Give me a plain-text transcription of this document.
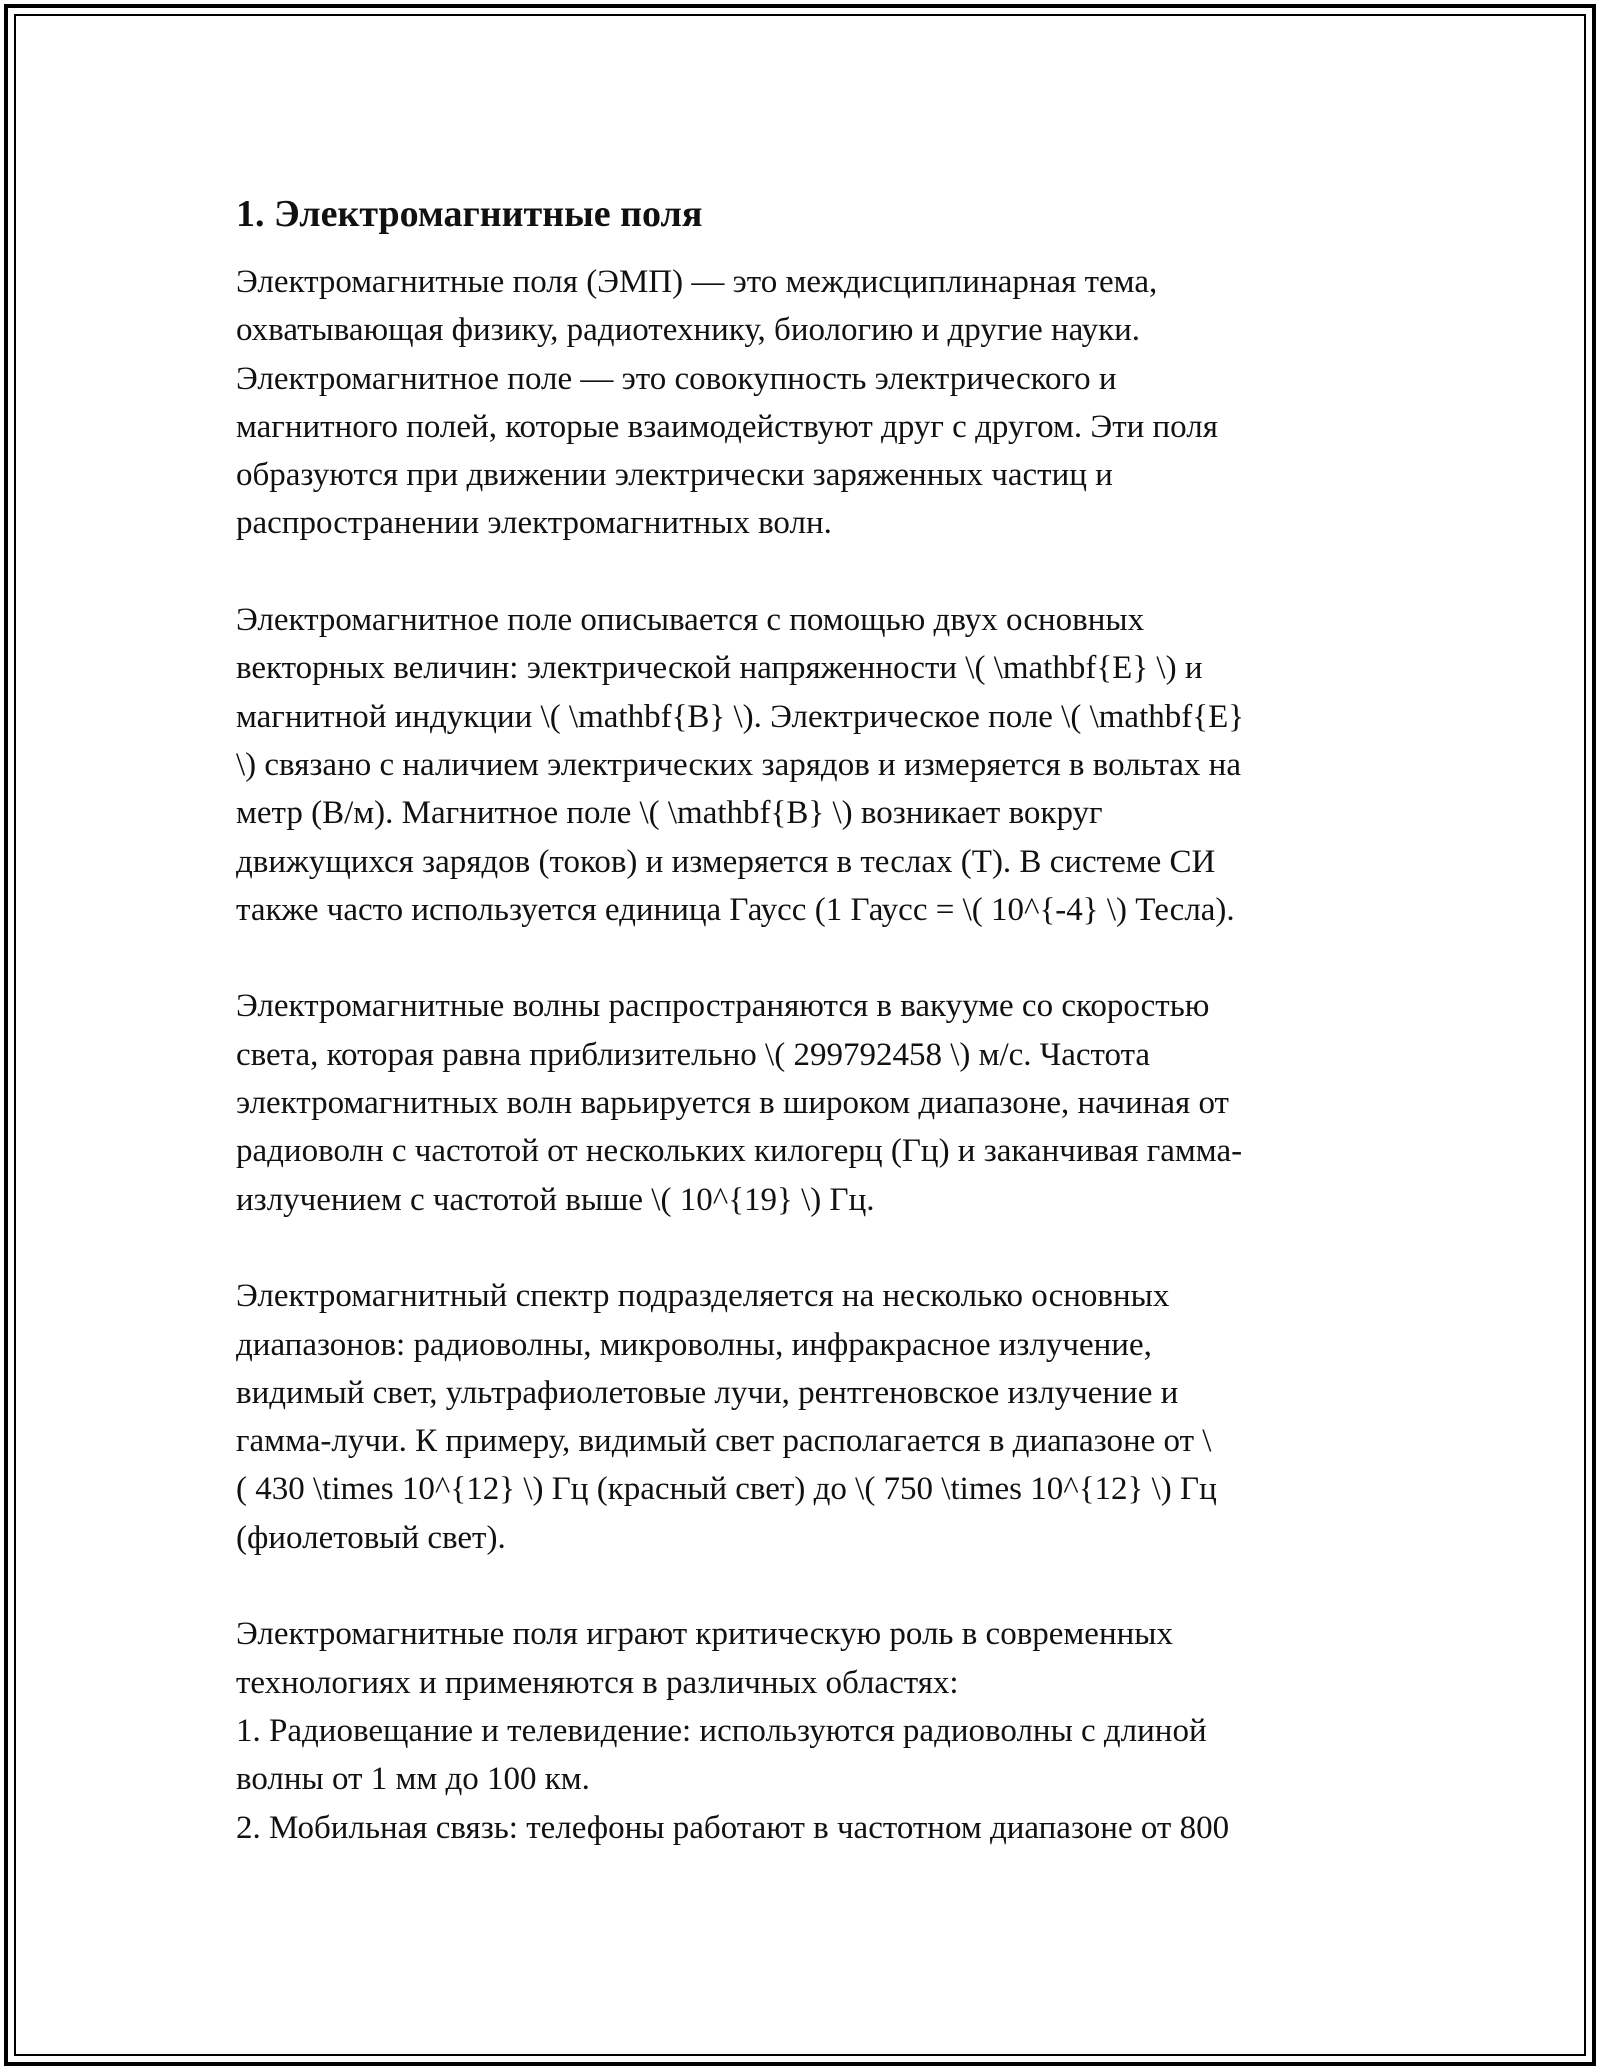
1. Электромагнитные поля

Электромагнитные поля (ЭМП) — это междисциплинарная тема,
охватывающая физику, радиотехнику, биологию и другие науки.
Электромагнитное поле — это совокупность электрического и
магнитного полей, которые взаимодействуют друг с другом. Эти поля
образуются при движении электрически заряженных частиц и
распространении электромагнитных волн.

Электромагнитное поле описывается с помощью двух основных
векторных величин: электрической напряженности \( \mathbf{E} \) и
магнитной индукции \( \mathbf{B} \). Электрическое поле \( \mathbf{E}
\) связано с наличием электрических зарядов и измеряется в вольтах на
метр (В/м). Магнитное поле \( \mathbf{B} \) возникает вокруг
движущихся зарядов (токов) и измеряется в теслах (Т). В системе СИ
также часто используется единица Гаусс (1 Гаусс = \( 10^{-4} \) Тесла).

Электромагнитные волны распространяются в вакууме со скоростью
света, которая равна приблизительно \( 299792458 \) м/с. Частота
электромагнитных волн варьируется в широком диапазоне, начиная от
радиоволн с частотой от нескольких килогерц (Гц) и заканчивая гамма-
излучением с частотой выше \( 10^{19} \) Гц.

Электромагнитный спектр подразделяется на несколько основных
диапазонов: радиоволны, микроволны, инфракрасное излучение,
видимый свет, ультрафиолетовые лучи, рентгеновское излучение и
гамма-лучи. К примеру, видимый свет располагается в диапазоне от \
( 430 \times 10^{12} \) Гц (красный свет) до \( 750 \times 10^{12} \) Гц
(фиолетовый свет).

Электромагнитные поля играют критическую роль в современных
технологиях и применяются в различных областях:
1. Радиовещание и телевидение: используются радиоволны с длиной
волны от 1 мм до 100 км.
2. Мобильная связь: телефоны работают в частотном диапазоне от 800
